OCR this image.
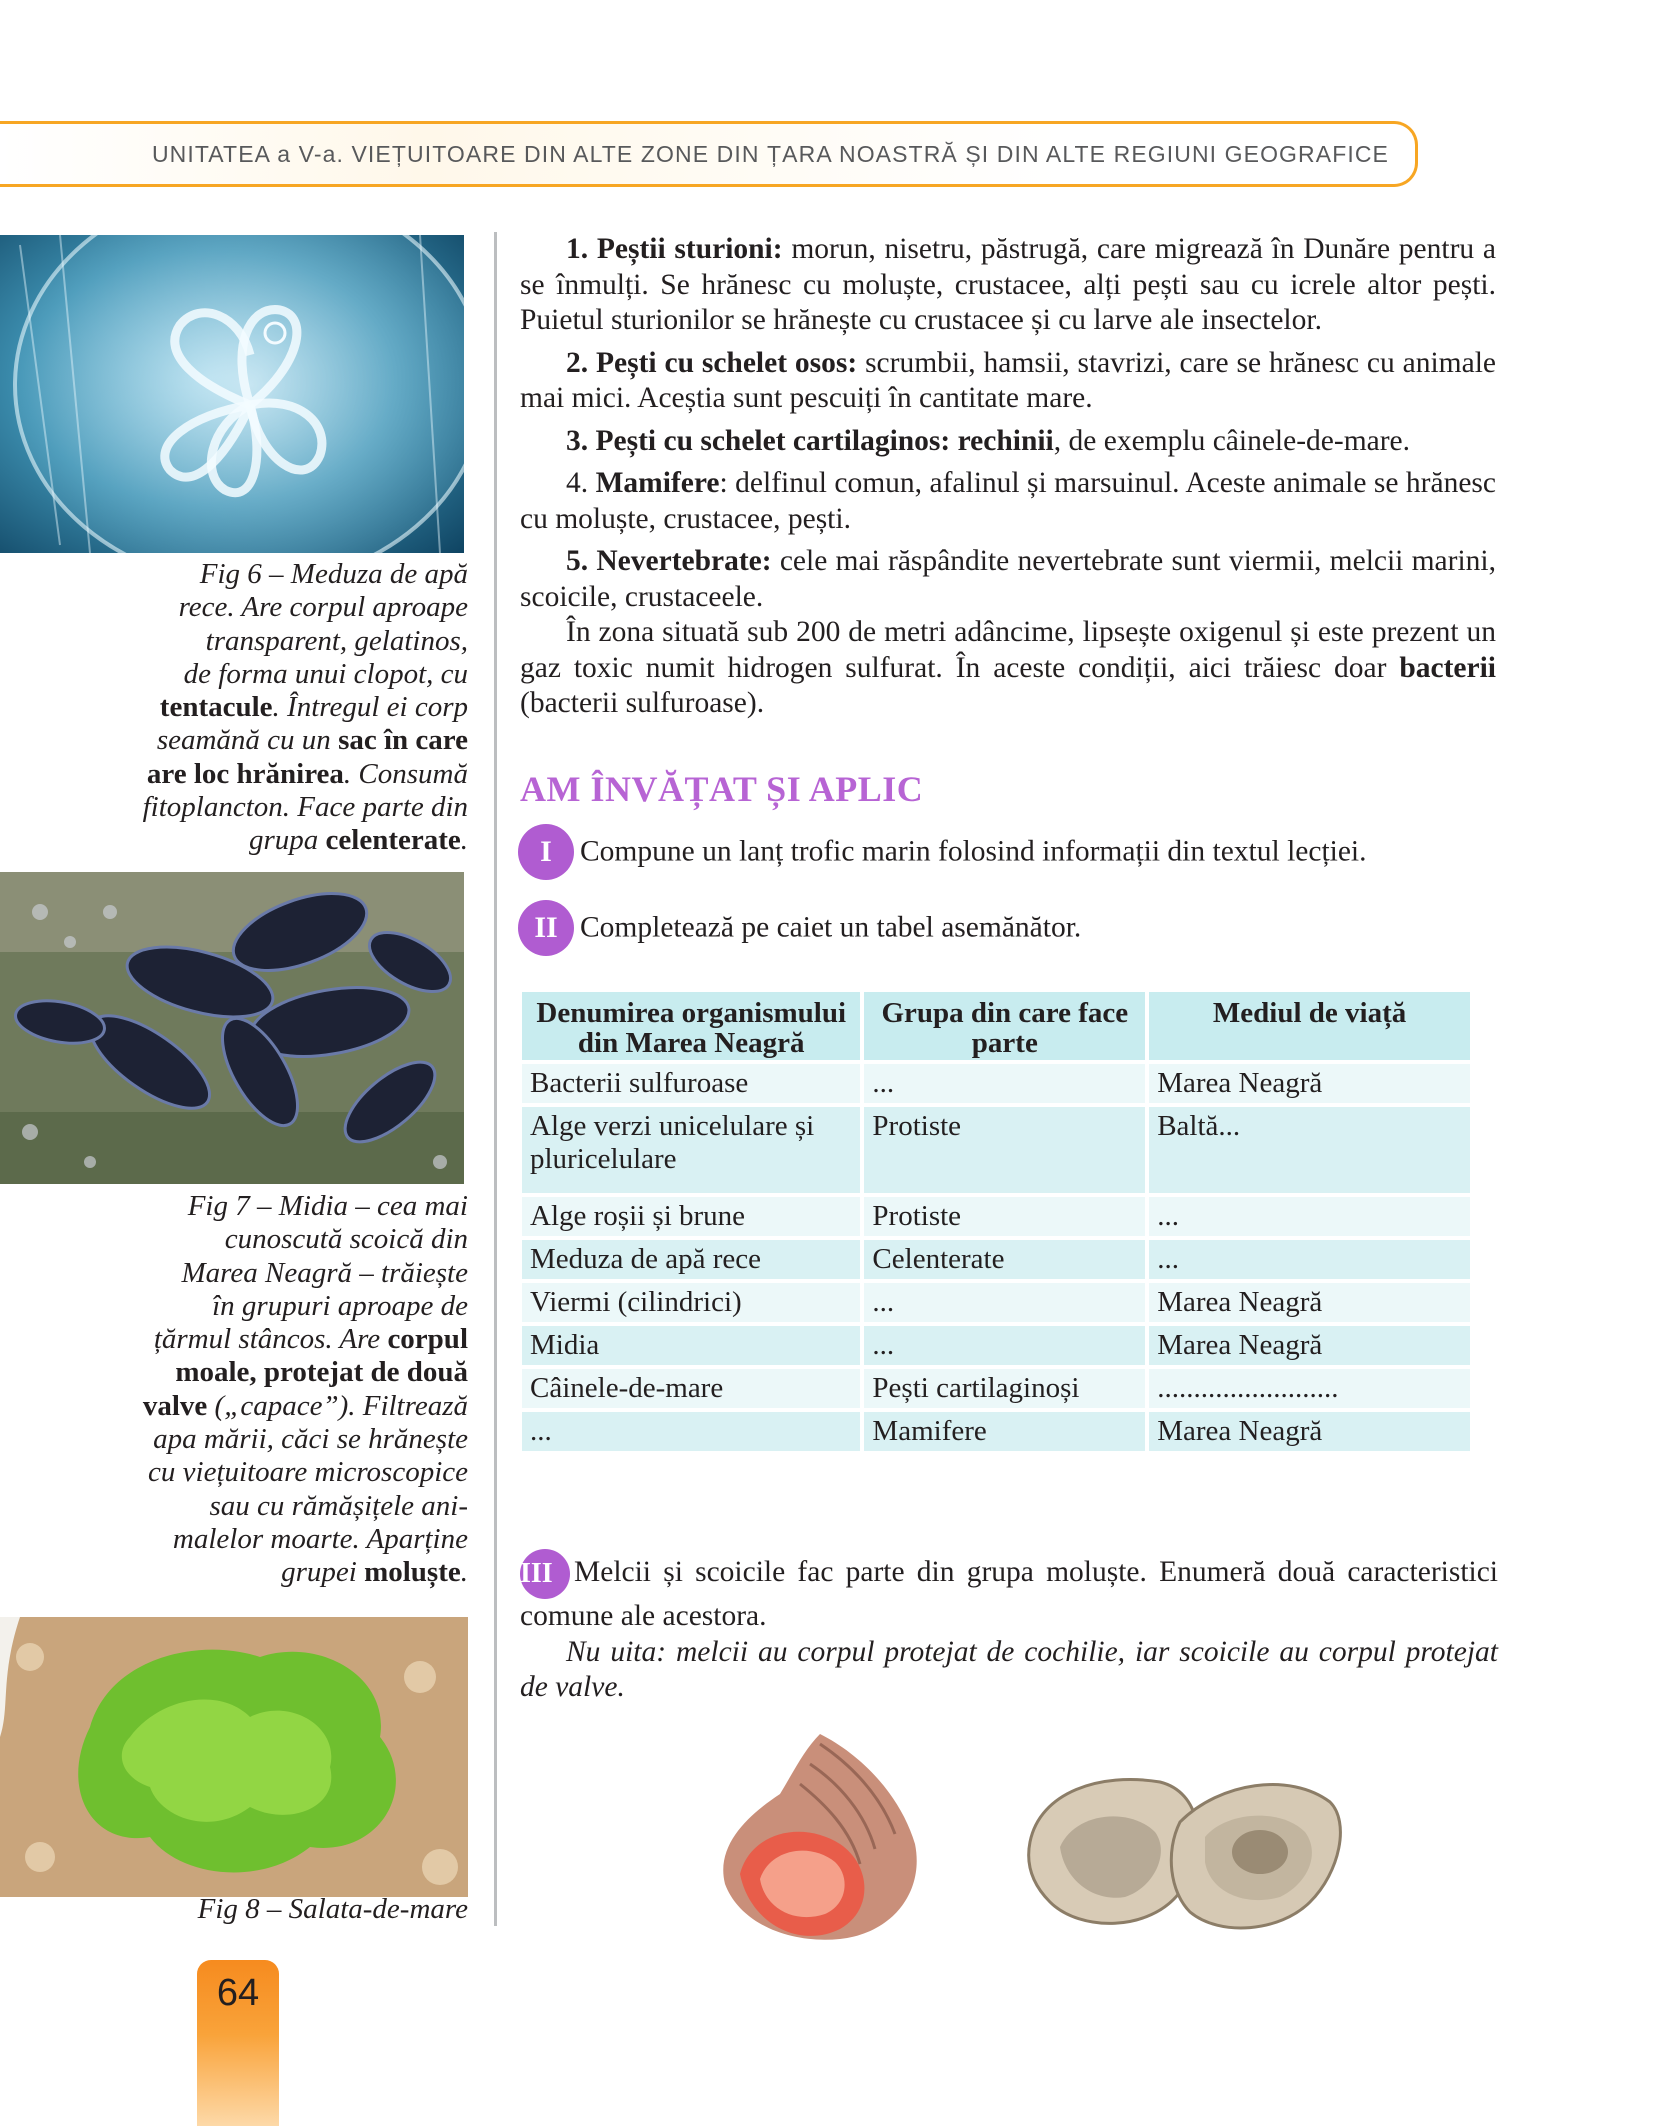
UNITATEA a V-a. VIEȚUITOARE DIN ALTE ZONE DIN ȚARA NOASTRĂ ȘI DIN ALTE REGIUNI GEOGRAFICE
Fig 6 – Meduza de apă
rece. Are corpul aproape
transparent, gelatinos,
de forma unui clopot, cu
tentacule. Întregul ei corp
seamănă cu un sac în care
are loc hrănirea. Consumă
fitoplancton. Face parte din
grupa celenterate.
Fig 7 – Midia – cea mai
cunoscută scoică din
Marea Neagră – trăiește
în grupuri aproape de
țărmul stâncos. Are corpul
moale, protejat de două
valve („capace”). Filtrează
apa mării, căci se hrănește
cu viețuitoare microscopice
sau cu rămășițele ani-
malelor moarte. Aparține
grupei moluște.
Fig 8 – Salata-de-mare

1. Peștii sturioni: morun, nisetru, păstrugă, care migrează în Dunăre pentru a se înmulți. Se hrănesc cu moluște, crustacee, alți pești sau cu icrele altor pești. Puietul sturionilor se hrănește cu crustacee și cu larve ale insectelor.

2. Pești cu schelet osos: scrumbii, hamsii, stavrizi, care se hrănesc cu animale mai mici. Aceștia sunt pescuiți în cantitate mare.

3. Pești cu schelet cartilaginos: rechinii, de exemplu câinele-de-mare.

4. Mamifere: delfinul comun, afalinul și marsuinul. Aceste animale se hrănesc cu moluște, crustacee, pești.

5. Nevertebrate: cele mai răspândite nevertebrate sunt viermii, melcii marini, scoicile, crustaceele.

În zona situată sub 200 de metri adâncime, lipsește oxigenul și este prezent un gaz toxic numit hidrogen sulfurat. În aceste condiții, aici trăiesc doar bacterii (bacterii sulfuroase).

AM ÎNVĂȚAT ȘI APLIC
I Compune un lanț trofic marin folosind informații din textul lecției.
II Completează pe caiet un tabel asemănător.
Denumirea organismului din Marea Neagră	Grupa din care face parte	Mediul de viață
Bacterii sulfuroase	...	Marea Neagră
Alge verzi unicelulare și pluricelulare	Protiste	Baltă...
Alge roșii și brune	Protiste	...
Meduza de apă rece	Celenterate	...
Viermi (cilindrici)	...	Marea Neagră
Midia	...	Marea Neagră
Câinele-de-mare	Pești cartilaginoși	.........................
...	Mamifere	Marea Neagră

III Melcii și scoicile fac parte din grupa moluște. Enumeră două caracteristici comune ale acestora.

Nu uita: melcii au corpul protejat de cochilie, iar scoicile au corpul protejat de valve.

64
